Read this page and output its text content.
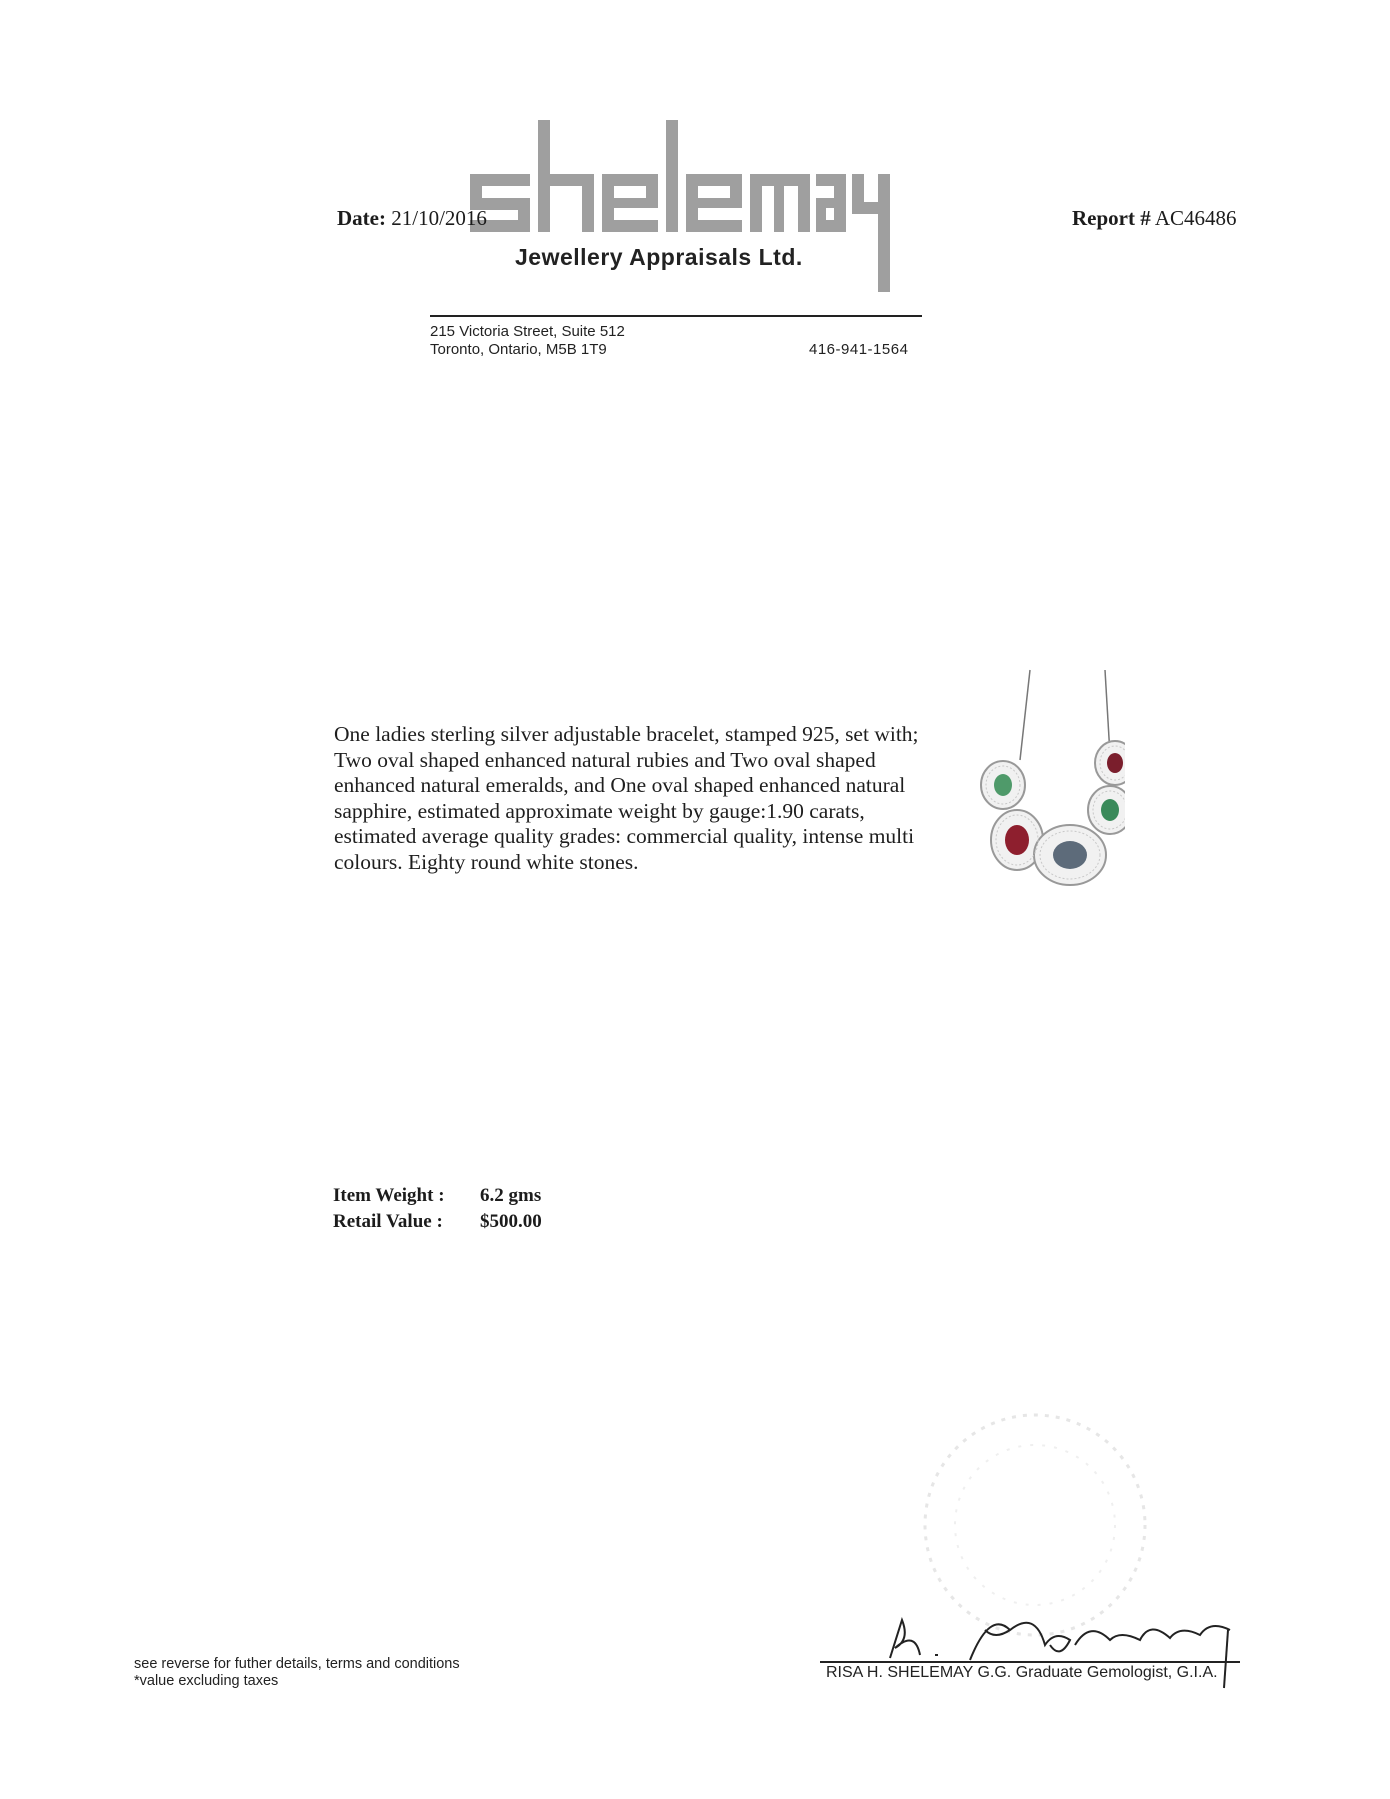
Jewellery Appraisals Ltd.
Date: 21/10/2016	Report # AC46486
215 Victoria Street, Suite 512
Toronto, Ontario, M5B 1T9	416-941-1564
One ladies sterling silver adjustable bracelet, stamped 925, set with; Two oval shaped enhanced natural rubies and Two oval shaped enhanced natural emeralds, and One oval shaped enhanced natural sapphire, estimated approximate weight by gauge:1.90 carats, estimated average quality grades: commercial quality, intense multi colours. Eighty round white stones.
Item Weight : 6.2 gms
Retail Value : $500.00
RISA H. SHELEMAY G.G. Graduate Gemologist, G.I.A.
see reverse for futher details, terms and conditions
*value excluding taxes
